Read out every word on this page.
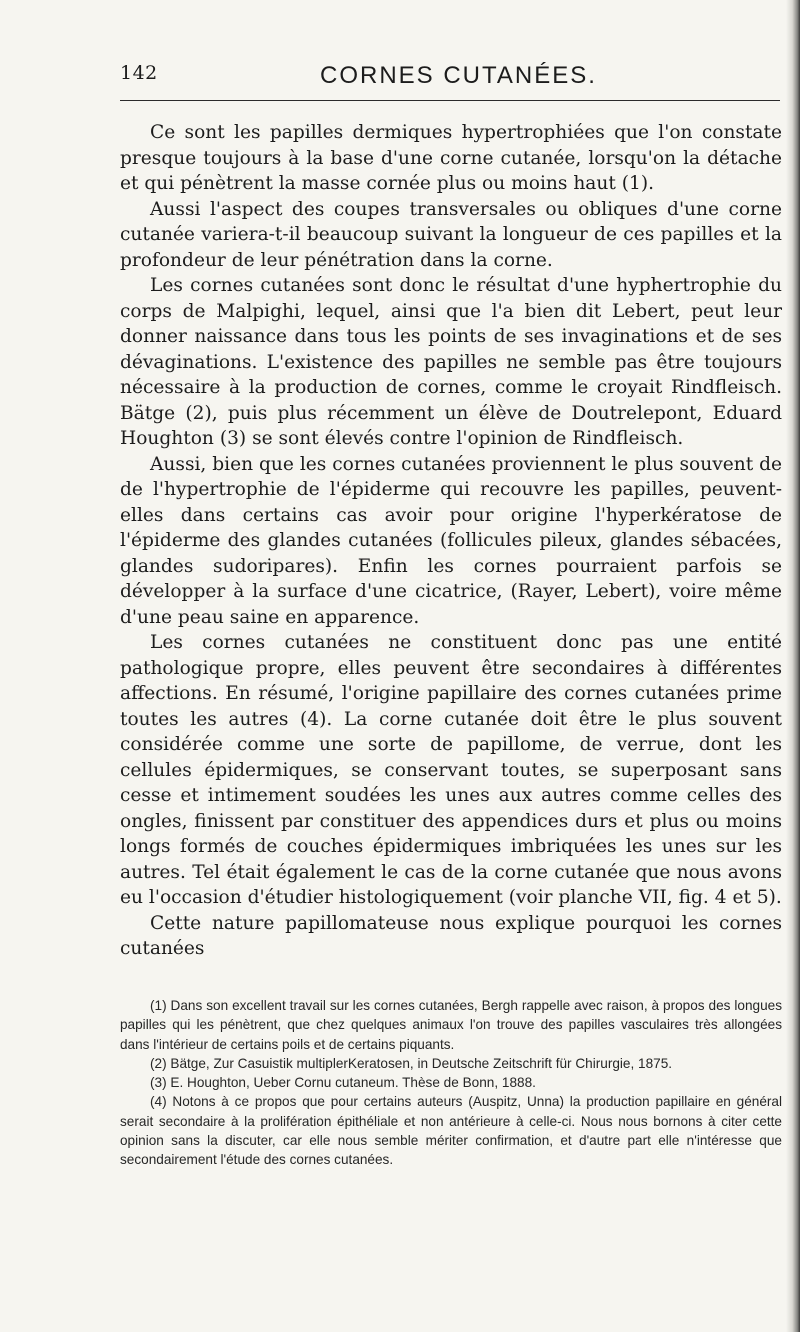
142	CORNES CUTANÉES.

Ce sont les papilles dermiques hypertrophiées que l'on constate presque toujours à la base d'une corne cutanée, lorsqu'on la détache et qui pénètrent la masse cornée plus ou moins haut (1).

Aussi l'aspect des coupes transversales ou obliques d'une corne cutanée variera-t-il beaucoup suivant la longueur de ces papilles et la profondeur de leur pénétration dans la corne.

Les cornes cutanées sont donc le résultat d'une hyphertrophie du corps de Malpighi, lequel, ainsi que l'a bien dit Lebert, peut leur donner naissance dans tous les points de ses invaginations et de ses dévaginations. L'existence des papilles ne semble pas être toujours nécessaire à la production de cornes, comme le croyait Rindfleisch. Bätge (2), puis plus récemment un élève de Doutrelepont, Eduard Houghton (3) se sont élevés contre l'opinion de Rindfleisch.

Aussi, bien que les cornes cutanées proviennent le plus souvent de de l'hypertrophie de l'épiderme qui recouvre les papilles, peuvent-elles dans certains cas avoir pour origine l'hyperkératose de l'épiderme des glandes cutanées (follicules pileux, glandes sébacées, glandes sudoripares). Enfin les cornes pourraient parfois se développer à la surface d'une cicatrice, (Rayer, Lebert), voire même d'une peau saine en apparence.

Les cornes cutanées ne constituent donc pas une entité pathologique propre, elles peuvent être secondaires à différentes affections. En résumé, l'origine papillaire des cornes cutanées prime toutes les autres (4). La corne cutanée doit être le plus souvent considérée comme une sorte de papillome, de verrue, dont les cellules épidermiques, se conservant toutes, se superposant sans cesse et intimement soudées les unes aux autres comme celles des ongles, finissent par constituer des appendices durs et plus ou moins longs formés de couches épidermiques imbriquées les unes sur les autres. Tel était également le cas de la corne cutanée que nous avons eu l'occasion d'étudier histologiquement (voir planche VII, fig. 4 et 5).

Cette nature papillomateuse nous explique pourquoi les cornes cutanées

(1) Dans son excellent travail sur les cornes cutanées, Bergh rappelle avec raison, à propos des longues papilles qui les pénètrent, que chez quelques animaux l'on trouve des papilles vasculaires très allongées dans l'intérieur de certains poils et de certains piquants.

(2) Bätge, Zur Casuistik multiplerKeratosen, in Deutsche Zeitschrift für Chirurgie, 1875.

(3) E. Houghton, Ueber Cornu cutaneum. Thèse de Bonn, 1888.

(4) Notons à ce propos que pour certains auteurs (Auspitz, Unna) la production papillaire en général serait secondaire à la prolifération épithéliale et non antérieure à celle-ci. Nous nous bornons à citer cette opinion sans la discuter, car elle nous semble mériter confirmation, et d'autre part elle n'intéresse que secondairement l'étude des cornes cutanées.
